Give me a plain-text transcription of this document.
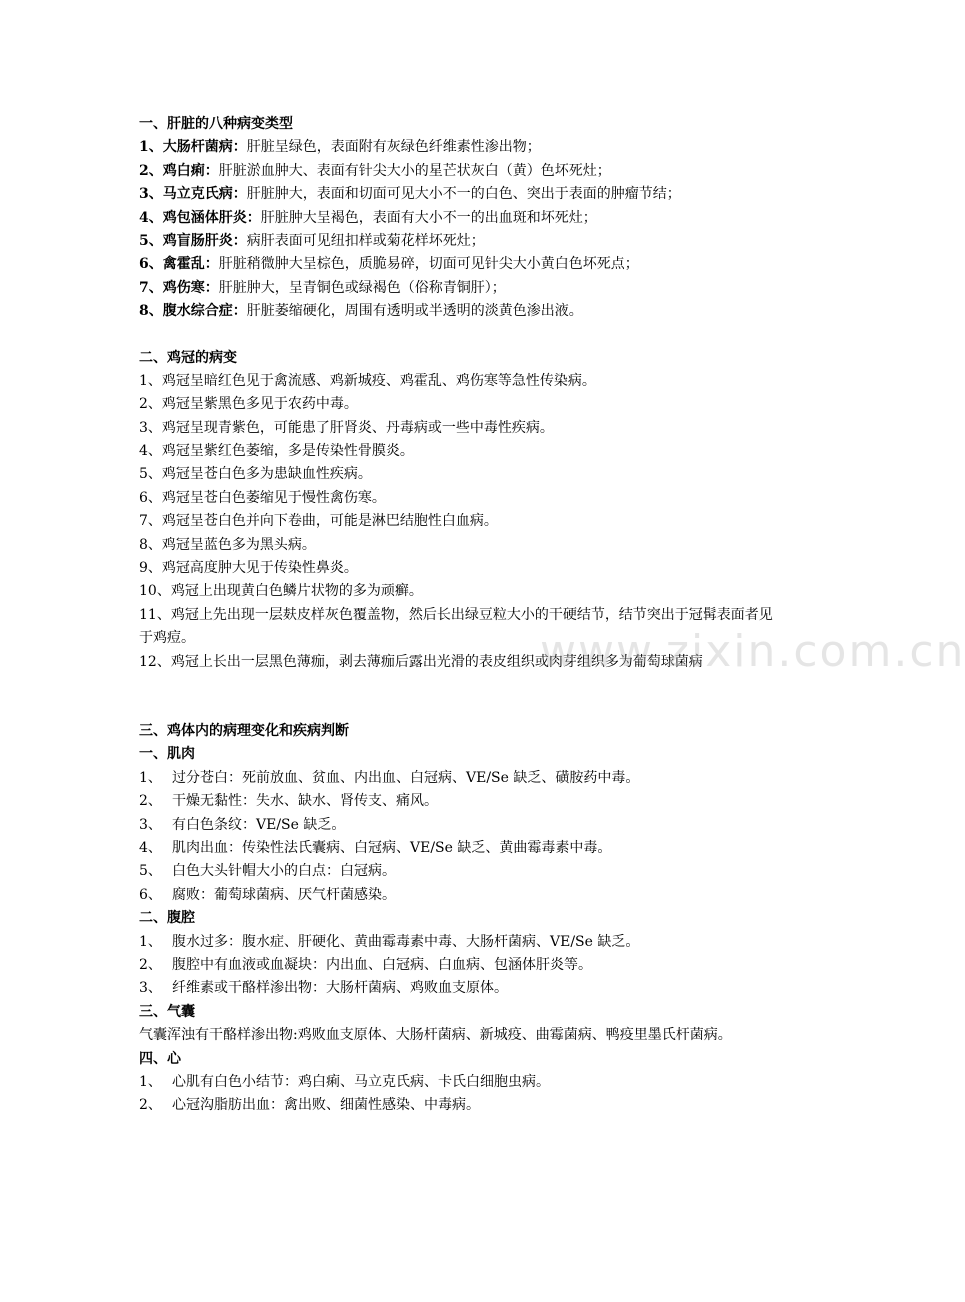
一、肝脏的八种病变类型
1、大肠杆菌病：肝脏呈绿色，表面附有灰绿色纤维素性渗出物；
2、鸡白痢：肝脏淤血肿大、表面有针尖大小的星芒状灰白（黄）色坏死灶；
3、马立克氏病：肝脏肿大，表面和切面可见大小不一的白色、突出于表面的肿瘤节结；
4、鸡包涵体肝炎：肝脏肿大呈褐色，表面有大小不一的出血斑和坏死灶；
5、鸡盲肠肝炎：病肝表面可见纽扣样或菊花样坏死灶；
6、禽霍乱：肝脏稍微肿大呈棕色，质脆易碎，切面可见针尖大小黄白色坏死点；
7、鸡伤寒：肝脏肿大，呈青铜色或绿褐色（俗称青铜肝）；
8、腹水综合症：肝脏萎缩硬化，周围有透明或半透明的淡黄色渗出液。
二、鸡冠的病变
1、鸡冠呈暗红色见于禽流感、鸡新城疫、鸡霍乱、鸡伤寒等急性传染病。
2、鸡冠呈紫黑色多见于农药中毒。
3、鸡冠呈现青紫色，可能患了肝肾炎、丹毒病或一些中毒性疾病。
4、鸡冠呈紫红色萎缩，多是传染性骨膜炎。
5、鸡冠呈苍白色多为患缺血性疾病。
6、鸡冠呈苍白色萎缩见于慢性禽伤寒。
7、鸡冠呈苍白色并向下卷曲，可能是淋巴结胞性白血病。
8、鸡冠呈蓝色多为黑头病。
9、鸡冠高度肿大见于传染性鼻炎。
10、鸡冠上出现黄白色鳞片状物的多为顽癣。
11、鸡冠上先出现一层麸皮样灰色覆盖物，然后长出绿豆粒大小的干硬结节，结节突出于冠髯表面者见于鸡痘。
12、鸡冠上长出一层黑色薄痂，剥去薄痂后露出光滑的表皮组织或肉芽组织多为葡萄球菌病
三、鸡体内的病理变化和疾病判断
一、肌肉
1、 过分苍白：死前放血、贫血、内出血、白冠病、VE/Se 缺乏、磺胺药中毒。
2、 干燥无黏性：失水、缺水、肾传支、痛风。
3、 有白色条纹：VE/Se 缺乏。
4、 肌肉出血：传染性法氏囊病、白冠病、VE/Se 缺乏、黄曲霉毒素中毒。
5、 白色大头针帽大小的白点：白冠病。
6、 腐败：葡萄球菌病、厌气杆菌感染。
二、腹腔
1、 腹水过多：腹水症、肝硬化、黄曲霉毒素中毒、大肠杆菌病、VE/Se 缺乏。
2、 腹腔中有血液或血凝块：内出血、白冠病、白血病、包涵体肝炎等。
3、 纤维素或干酪样渗出物：大肠杆菌病、鸡败血支原体。
三、气囊
气囊浑浊有干酪样渗出物:鸡败血支原体、大肠杆菌病、新城疫、曲霉菌病、鸭疫里墨氏杆菌病。
四、心
1、 心肌有白色小结节：鸡白痢、马立克氏病、卡氏白细胞虫病。
2、 心冠沟脂肪出血：禽出败、细菌性感染、中毒病。
www.zixin.com.cn
